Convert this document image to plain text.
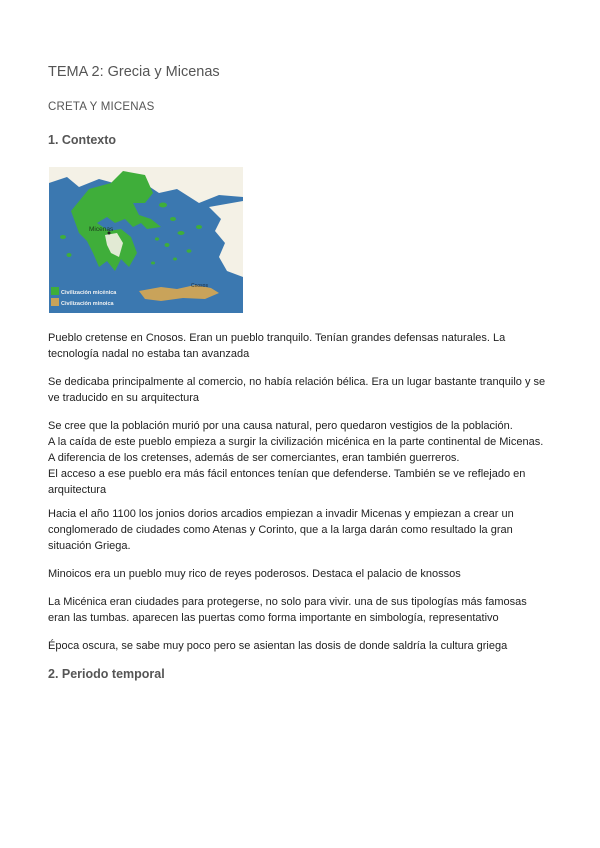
TEMA 2: Grecia y Micenas
CRETA Y MICENAS
1. Contexto
Micenas
Cnosos
Civilización micénica
Civilización minoica
Pueblo cretense en Cnosos. Eran un pueblo tranquilo. Tenían grandes defensas naturales. La
tecnología nadal no estaba tan avanzada
Se dedicaba principalmente al comercio, no había relación bélica. Era un lugar bastante tranquilo y se
ve traducido en su arquitectura
Se cree que la población murió por una causa natural, pero quedaron vestigios de la población.
A la caída de este pueblo empieza a surgir la civilización micénica en la parte continental de Micenas.
A diferencia de los cretenses, además de ser comerciantes, eran también guerreros.
El acceso a ese pueblo era más fácil entonces tenían que defenderse. También se ve reflejado en
arquitectura
Hacia el año 1100 los jonios dorios arcadios empiezan a invadir Micenas y empiezan a crear un
conglomerado de ciudades como Atenas y Corinto, que a la larga darán como resultado la gran
situación Griega.
Minoicos era un pueblo muy rico de reyes poderosos. Destaca el palacio de knossos
La Micénica eran ciudades para protegerse, no solo para vivir. una de sus tipologías más famosas
eran las tumbas. aparecen las puertas como forma importante en simbología, representativo
Época oscura, se sabe muy poco pero se asientan las dosis de donde saldría la cultura griega
2. Periodo temporal
